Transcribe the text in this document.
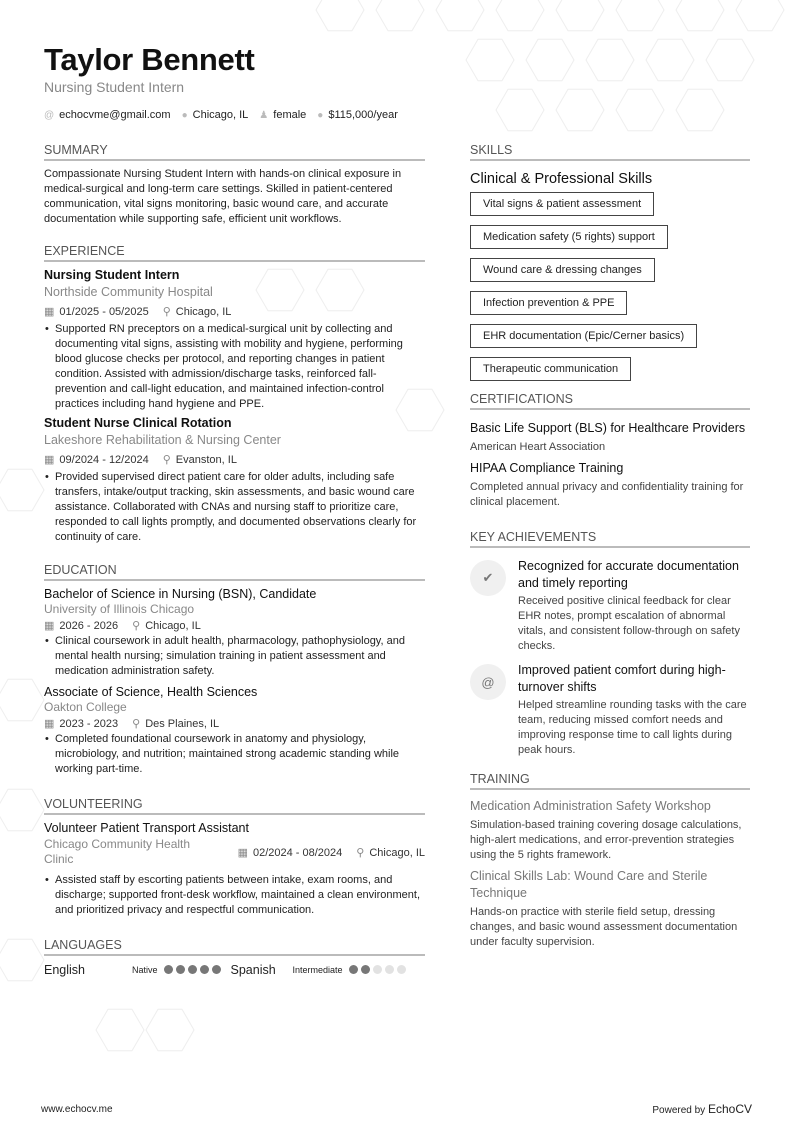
Taylor Bennett
Nursing Student Intern
@ echocvme@gmail.com ● Chicago, IL ♟ female ● $115,000/year
SUMMARY
Compassionate Nursing Student Intern with hands-on clinical exposure in medical-surgical and long-term care settings. Skilled in patient-centered communication, vital signs monitoring, basic wound care, and accurate documentation while supporting safe, efficient unit workflows.
EXPERIENCE
Nursing Student Intern
Northside Community Hospital
▦ 01/2025 - 05/2025 ⚲ Chicago, IL
• Supported RN preceptors on a medical-surgical unit by collecting and documenting vital signs, assisting with mobility and hygiene, performing blood glucose checks per protocol, and reporting changes in patient condition. Assisted with admission/discharge tasks, reinforced fall-prevention and call-light education, and maintained infection-control practices including hand hygiene and PPE.
Student Nurse Clinical Rotation
Lakeshore Rehabilitation & Nursing Center
▦ 09/2024 - 12/2024 ⚲ Evanston, IL
• Provided supervised direct patient care for older adults, including safe transfers, intake/output tracking, skin assessments, and basic wound care assistance. Collaborated with CNAs and nursing staff to prioritize care, responded to call lights promptly, and documented observations clearly for continuity of care.
EDUCATION
Bachelor of Science in Nursing (BSN), Candidate
University of Illinois Chicago
▦ 2026 - 2026 ⚲ Chicago, IL
• Clinical coursework in adult health, pharmacology, pathophysiology, and mental health nursing; simulation training in patient assessment and medication administration safety.
Associate of Science, Health Sciences
Oakton College
▦ 2023 - 2023 ⚲ Des Plaines, IL
• Completed foundational coursework in anatomy and physiology, microbiology, and nutrition; maintained strong academic standing while working part-time.
VOLUNTEERING
Volunteer Patient Transport Assistant
Chicago Community Health Clinic	▦ 02/2024 - 08/2024 ⚲ Chicago, IL
• Assisted staff by escorting patients between intake, exam rooms, and discharge; supported front-desk workflow, maintained a clean environment, and prioritized privacy and respectful communication.
LANGUAGES
English	Native	Spanish	Intermediate
SKILLS
Clinical & Professional Skills
Vital signs & patient assessment
Medication safety (5 rights) support
Wound care & dressing changes
Infection prevention & PPE
EHR documentation (Epic/Cerner basics)
Therapeutic communication
CERTIFICATIONS
Basic Life Support (BLS) for Healthcare Providers
American Heart Association
HIPAA Compliance Training
Completed annual privacy and confidentiality training for clinical placement.
KEY ACHIEVEMENTS
✔
Recognized for accurate documentation and timely reporting
Received positive clinical feedback for clear EHR notes, prompt escalation of abnormal vitals, and consistent follow-through on safety checks.
@
Improved patient comfort during high-turnover shifts
Helped streamline rounding tasks with the care team, reducing missed comfort needs and improving response time to call lights during peak hours.
TRAINING
Medication Administration Safety Workshop
Simulation-based training covering dosage calculations, high-alert medications, and error-prevention strategies using the 5 rights framework.
Clinical Skills Lab: Wound Care and Sterile Technique
Hands-on practice with sterile field setup, dressing changes, and basic wound assessment documentation under faculty supervision.
www.echocv.me	Powered by EchoCV
